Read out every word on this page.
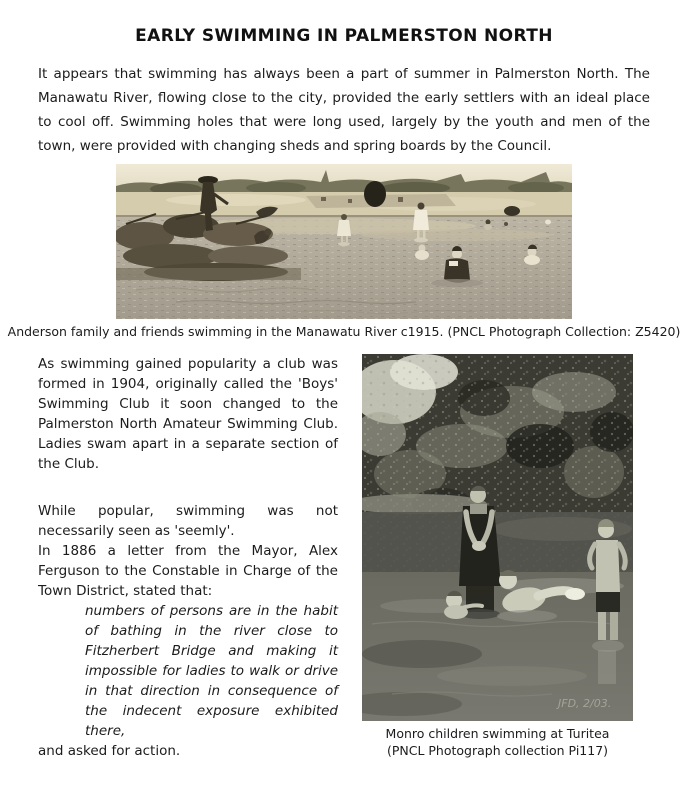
EARLY SWIMMING IN PALMERSTON NORTH
It appears that swimming has always been a part of summer in Palmerston North. The Manawatu River, flowing close to the city, provided the early settlers with an ideal place to cool off. Swimming holes that were long used, largely by the youth and men of the town, were provided with changing sheds and spring boards by the Council.
Anderson family and friends swimming in the Manawatu River c1915. (PNCL Photograph Collection: Z5420)

As swimming gained popularity a club was formed in 1904, originally called the 'Boys' Swimming Club it soon changed to the Palmerston North Amateur Swimming Club. Ladies swam apart in a separate section of the Club.

While popular, swimming was not necessarily seen as 'seemly'.

In 1886 a letter from the Mayor, Alex Ferguson to the Constable in Charge of the Town District, stated that:

numbers of persons are in the habit of bathing in the river close to Fitzherbert Bridge and making it impossible for ladies to walk or drive in that direction in consequence of the indecent exposure exhibited there,

and asked for action.

JFD, 2/03.
Monro children swimming at Turitea (PNCL Photograph collection Pi117)
